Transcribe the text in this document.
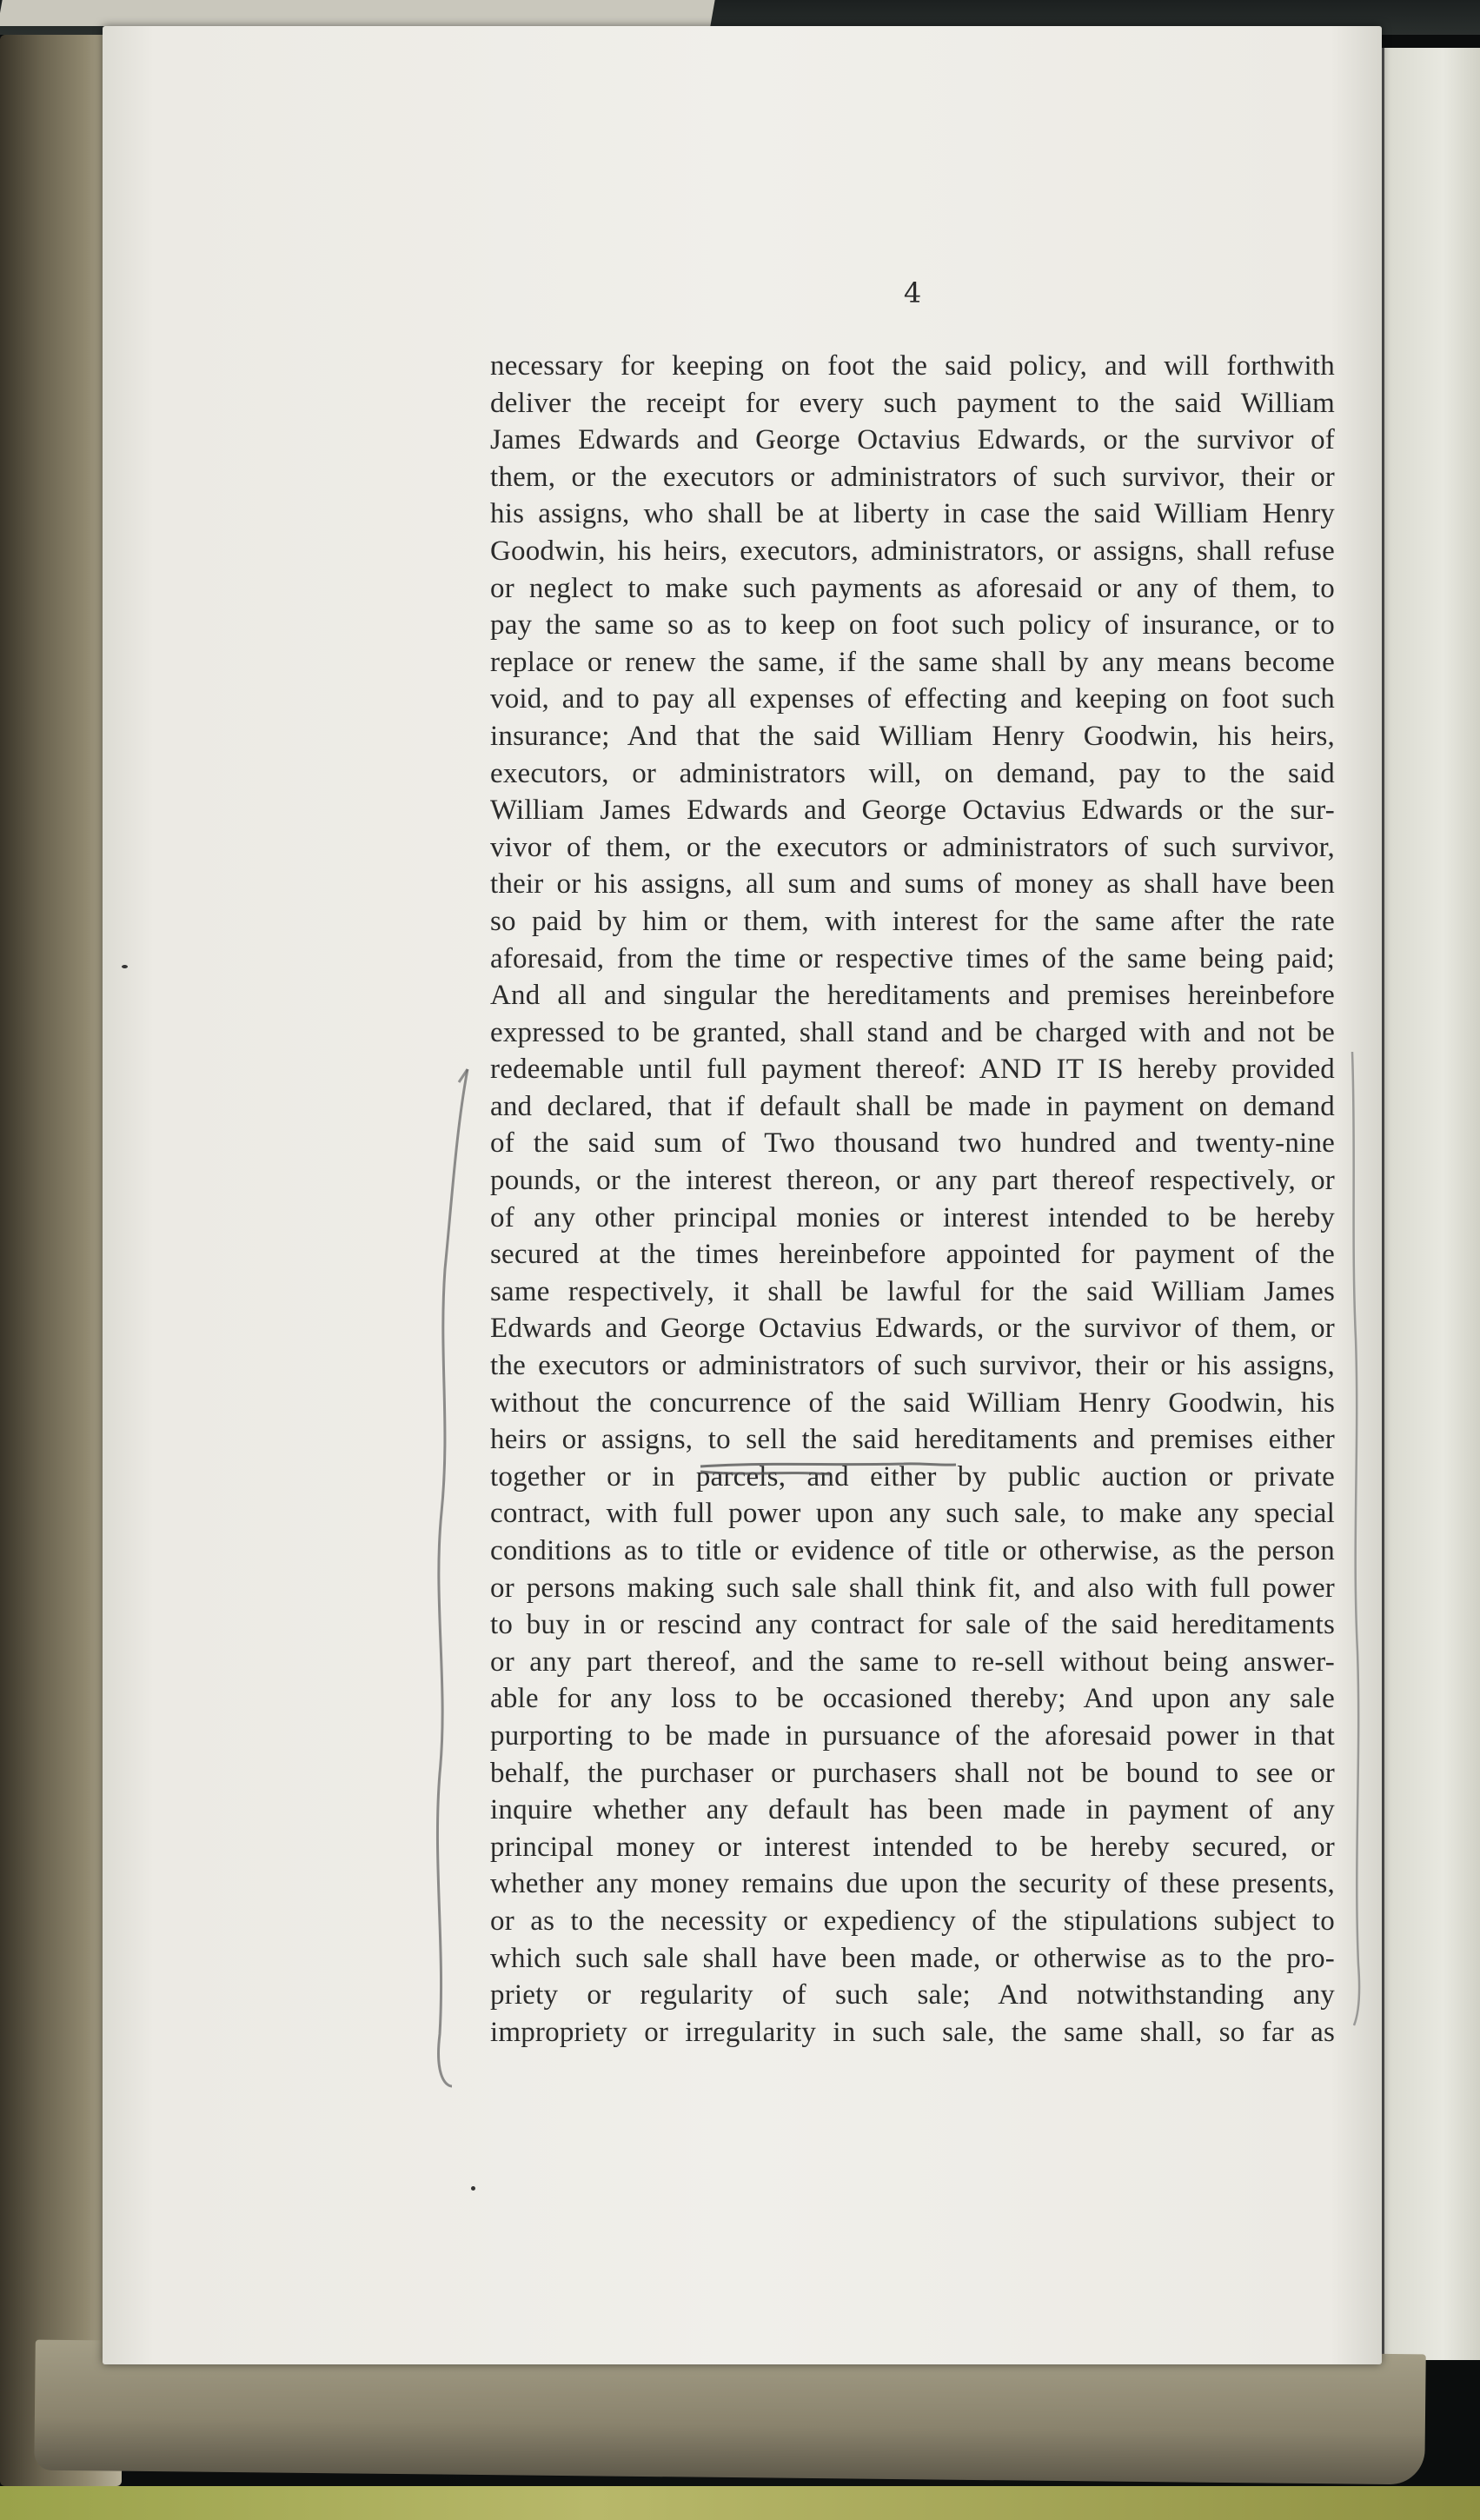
4
necessary for keeping on foot the said policy, and will forthwith
deliver the receipt for every such payment to the said William
James Edwards and George Octavius Edwards, or the survivor of
them, or the executors or administrators of such survivor, their or
his assigns, who shall be at liberty in case the said William Henry
Goodwin, his heirs, executors, administrators, or assigns, shall refuse
or neglect to make such payments as aforesaid or any of them, to
pay the same so as to keep on foot such policy of insurance, or to
replace or renew the same, if the same shall by any means become
void, and to pay all expenses of effecting and keeping on foot such
insurance; And that the said William Henry Goodwin, his heirs,
executors, or administrators will, on demand, pay to the said
William James Edwards and George Octavius Edwards or the sur-
vivor of them, or the executors or administrators of such survivor,
their or his assigns, all sum and sums of money as shall have been
so paid by him or them, with interest for the same after the rate
aforesaid, from the time or respective times of the same being paid;
And all and singular the hereditaments and premises hereinbefore
expressed to be granted, shall stand and be charged with and not be
redeemable until full payment thereof: AND IT IS hereby provided
and declared, that if default shall be made in payment on demand
of the said sum of Two thousand two hundred and twenty-nine
pounds, or the interest thereon, or any part thereof respectively, or
of any other principal monies or interest intended to be hereby
secured at the times hereinbefore appointed for payment of the
same respectively, it shall be lawful for the said William James
Edwards and George Octavius Edwards, or the survivor of them, or
the executors or administrators of such survivor, their or his assigns,
without the concurrence of the said William Henry Goodwin, his
heirs or assigns, to sell the said hereditaments and premises either
together or in parcels, and either by public auction or private
contract, with full power upon any such sale, to make any special
conditions as to title or evidence of title or otherwise, as the person
or persons making such sale shall think fit, and also with full power
to buy in or rescind any contract for sale of the said hereditaments
or any part thereof, and the same to re-sell without being answer-
able for any loss to be occasioned thereby; And upon any sale
purporting to be made in pursuance of the aforesaid power in that
behalf, the purchaser or purchasers shall not be bound to see or
inquire whether any default has been made in payment of any
principal money or interest intended to be hereby secured, or
whether any money remains due upon the security of these presents,
or as to the necessity or expediency of the stipulations subject to
which such sale shall have been made, or otherwise as to the pro-
priety or regularity of such sale; And notwithstanding any
impropriety or irregularity in such sale, the same shall, so far as
